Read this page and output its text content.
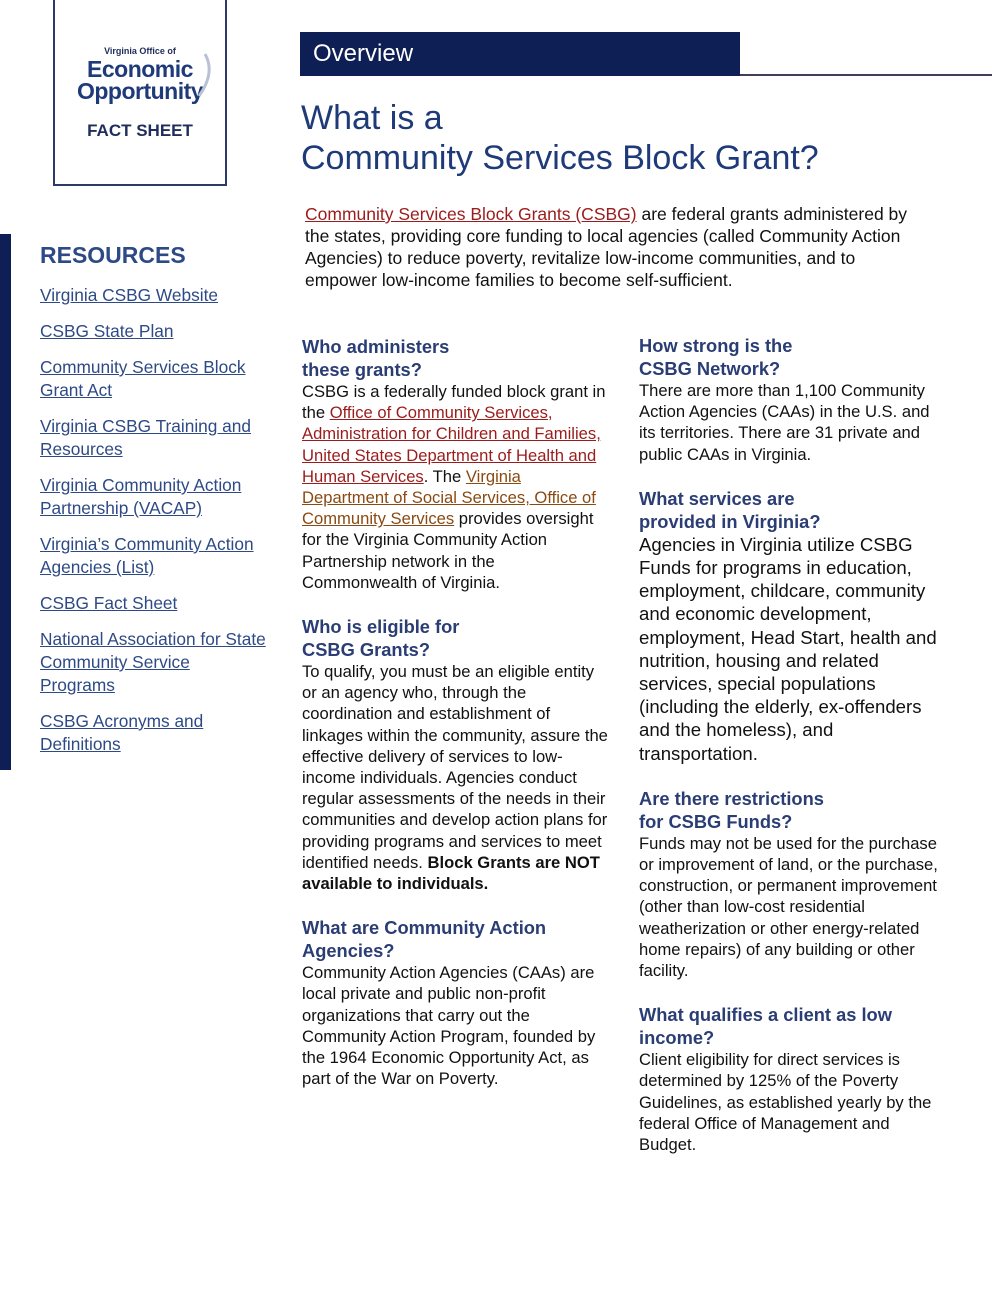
Virginia Office of
Economic
Opportunity
FACT SHEET
RESOURCES
Virginia CSBG Website
CSBG State Plan
Community Services Block Grant Act
Virginia CSBG Training and Resources
Virginia Community Action Partnership (VACAP)
Virginia’s Community Action Agencies (List)
CSBG Fact Sheet
National Association for State Community Service Programs
CSBG Acronyms and Definitions
Overview
What is a
Community Services Block Grant?
Community Services Block Grants (CSBG) are federal grants administered by the states, providing core funding to local agencies (called Community Action Agencies) to reduce poverty, revitalize low-income communities, and to empower low-income families to become self-sufficient.
Who administers
these grants?

CSBG is a federally funded block grant in the Office of Community Services, Administration for Children and Families, United States Department of Health and Human Services. The Virginia Department of Social Services, Office of Community Services provides oversight for the Virginia Community Action Partnership network in the Commonwealth of Virginia.

Who is eligible for
CSBG Grants?

To qualify, you must be an eligible entity or an agency who, through the coordination and establishment of linkages within the community, assure the effective delivery of services to low-income individuals. Agencies conduct regular assessments of the needs in their communities and develop action plans for providing programs and services to meet identified needs. Block Grants are NOT available to individuals.

What are Community Action
Agencies?

Community Action Agencies (CAAs) are local private and public non-profit organizations that carry out the Community Action Program, founded by the 1964 Economic Opportunity Act, as part of the War on Poverty.

How strong is the
CSBG Network?

There are more than 1,100 Community Action Agencies (CAAs) in the U.S. and its territories. There are 31 private and public CAAs in Virginia.

What services are
provided in Virginia?

Agencies in Virginia utilize CSBG Funds for programs in education, employment, childcare, community and economic development, employment, Head Start, health and nutrition, housing and related services, special populations (including the elderly, ex-offenders and the homeless), and transportation.

Are there restrictions
for CSBG Funds?

Funds may not be used for the purchase or improvement of land, or the purchase, construction, or permanent improvement (other than low-cost residential weatherization or other energy-related home repairs) of any building or other facility.

What qualifies a client as low
income?

Client eligibility for direct services is determined by 125% of the Poverty Guidelines, as established yearly by the federal Office of Management and Budget.
